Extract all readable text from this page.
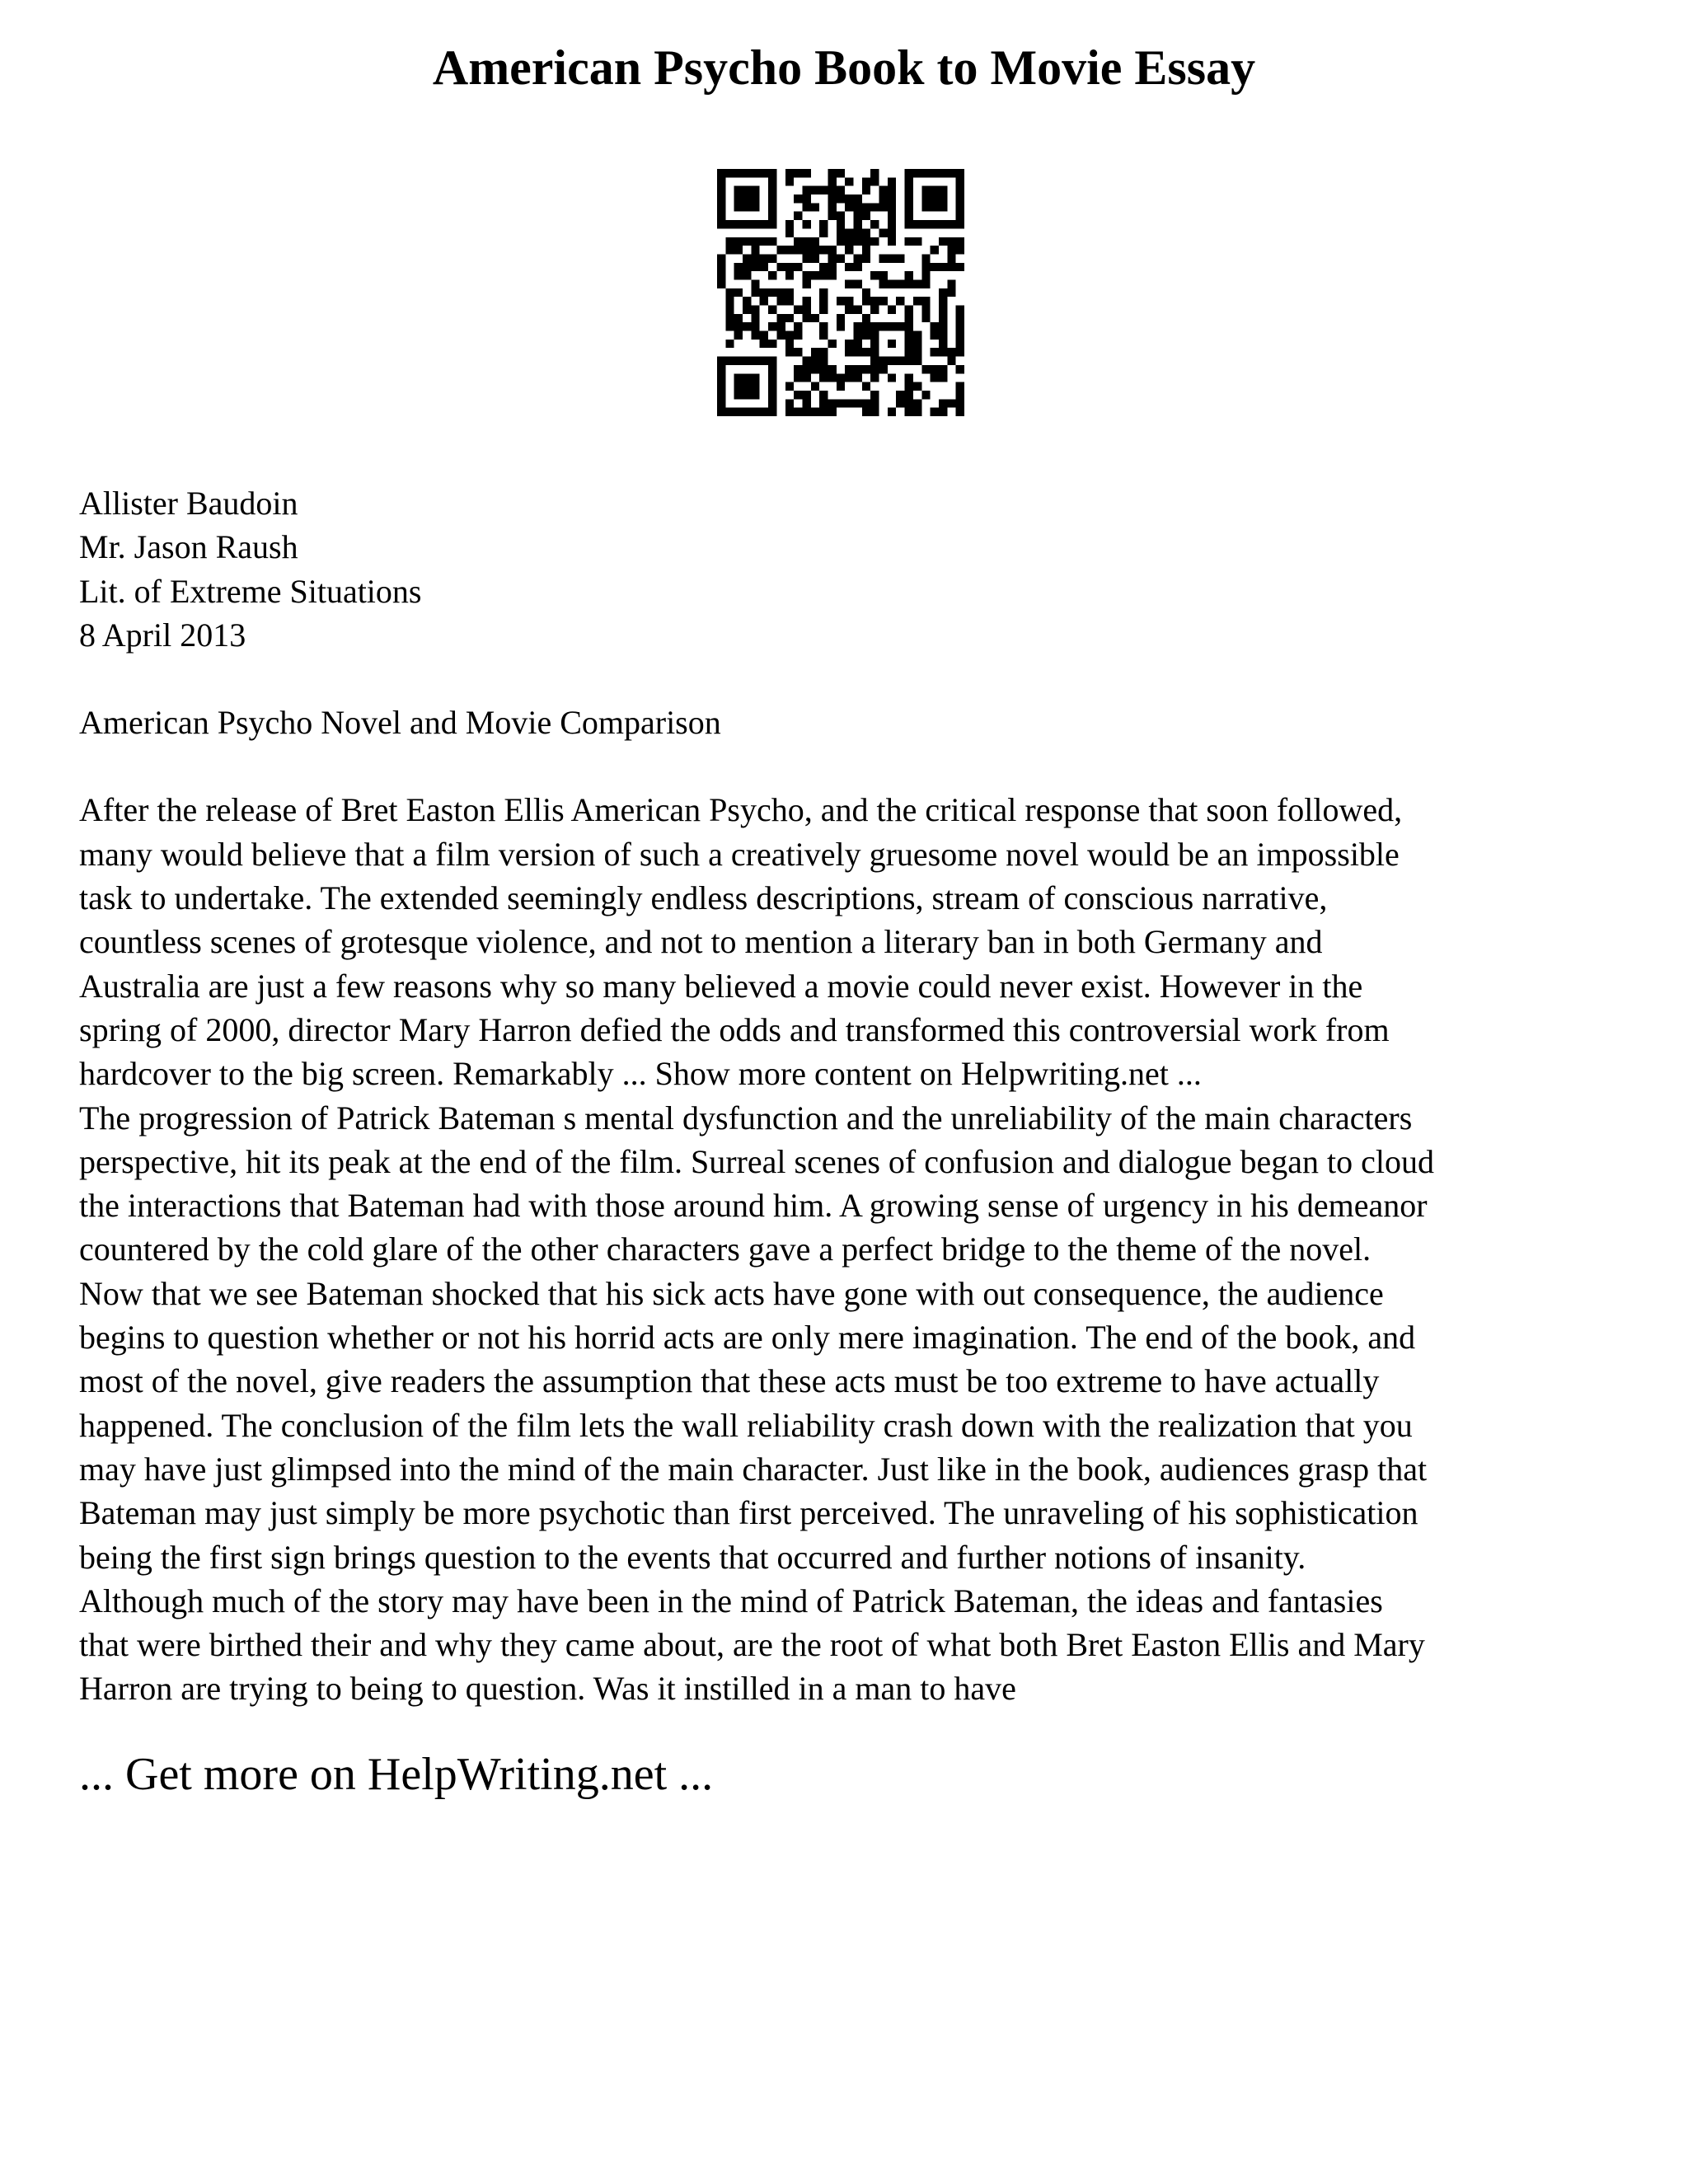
American Psycho Book to Movie Essay
Allister Baudoin
Mr. Jason Raush
Lit. of Extreme Situations
8 April 2013
American Psycho Novel and Movie Comparison
After the release of Bret Easton Ellis American Psycho, and the critical response that soon followed,
many would believe that a film version of such a creatively gruesome novel would be an impossible
task to undertake. The extended seemingly endless descriptions, stream of conscious narrative,
countless scenes of grotesque violence, and not to mention a literary ban in both Germany and
Australia are just a few reasons why so many believed a movie could never exist. However in the
spring of 2000, director Mary Harron defied the odds and transformed this controversial work from
hardcover to the big screen. Remarkably ... Show more content on Helpwriting.net ...
The progression of Patrick Bateman s mental dysfunction and the unreliability of the main characters
perspective, hit its peak at the end of the film. Surreal scenes of confusion and dialogue began to cloud
the interactions that Bateman had with those around him. A growing sense of urgency in his demeanor
countered by the cold glare of the other characters gave a perfect bridge to the theme of the novel.
Now that we see Bateman shocked that his sick acts have gone with out consequence, the audience
begins to question whether or not his horrid acts are only mere imagination. The end of the book, and
most of the novel, give readers the assumption that these acts must be too extreme to have actually
happened. The conclusion of the film lets the wall reliability crash down with the realization that you
may have just glimpsed into the mind of the main character. Just like in the book, audiences grasp that
Bateman may just simply be more psychotic than first perceived. The unraveling of his sophistication
being the first sign brings question to the events that occurred and further notions of insanity.
Although much of the story may have been in the mind of Patrick Bateman, the ideas and fantasies
that were birthed their and why they came about, are the root of what both Bret Easton Ellis and Mary
Harron are trying to being to question. Was it instilled in a man to have
... Get more on HelpWriting.net ...
